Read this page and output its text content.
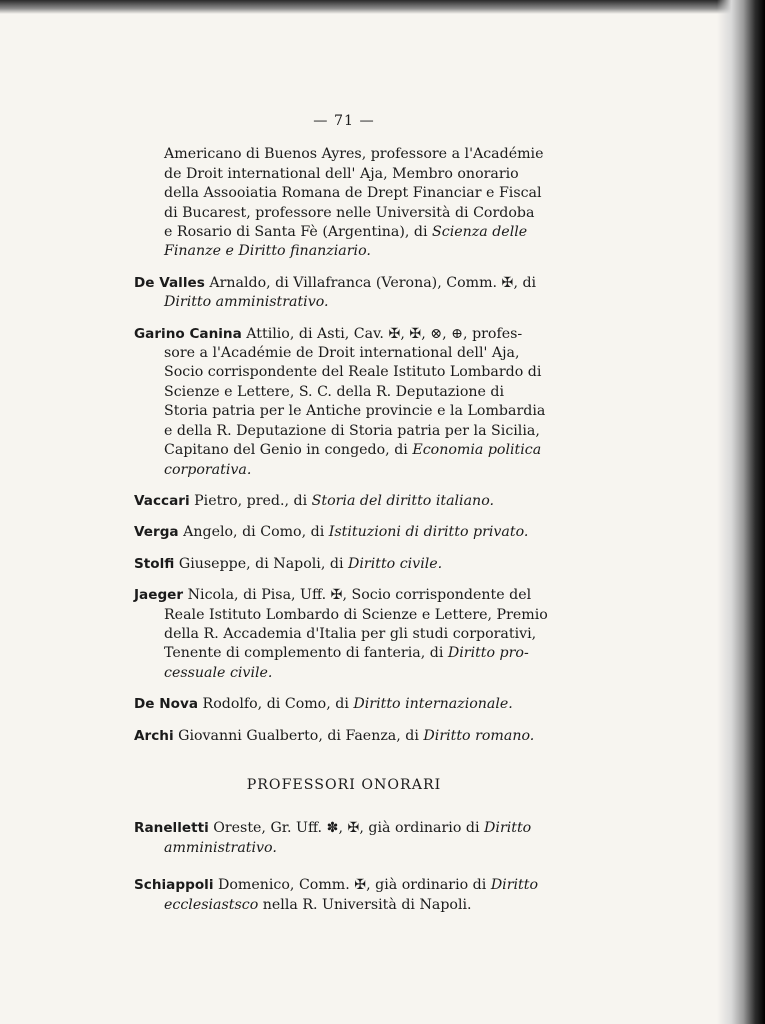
— 71 —
Americano di Buenos Ayres, professore a l'Académie
de Droit international dell' Aja, Membro onorario
della Assooiatia Romana de Drept Financiar e Fiscal
di Bucarest, professore nelle Università di Cordoba
e Rosario di Santa Fè (Argentina), di Scienza delle
Finanze e Diritto finanziario.
De Valles Arnaldo, di Villafranca (Verona), Comm. ✠, di
Diritto amministrativo.
Garino Canina Attilio, di Asti, Cav. ✠, ✠, ⊗, ⊕, profes-
sore a l'Académie de Droit international dell' Aja,
Socio corrispondente del Reale Istituto Lombardo di
Scienze e Lettere, S. C. della R. Deputazione di
Storia patria per le Antiche provincie e la Lombardia
e della R. Deputazione di Storia patria per la Sicilia,
Capitano del Genio in congedo, di Economia politica
corporativa.
Vaccari Pietro, pred., di Storia del diritto italiano.
Verga Angelo, di Como, di Istituzioni di diritto privato.
Stolfi Giuseppe, di Napoli, di Diritto civile.
Jaeger Nicola, di Pisa, Uff. ✠, Socio corrispondente del
Reale Istituto Lombardo di Scienze e Lettere, Premio
della R. Accademia d'Italia per gli studi corporativi,
Tenente di complemento di fanteria, di Diritto pro-
cessuale civile.
De Nova Rodolfo, di Como, di Diritto internazionale.
Archi Giovanni Gualberto, di Faenza, di Diritto romano.
PROFESSORI ONORARI
Ranelletti Oreste, Gr. Uff. ✽, ✠, già ordinario di Diritto
amministrativo.
Schiappoli Domenico, Comm. ✠, già ordinario di Diritto
ecclesiastsco nella R. Università di Napoli.
